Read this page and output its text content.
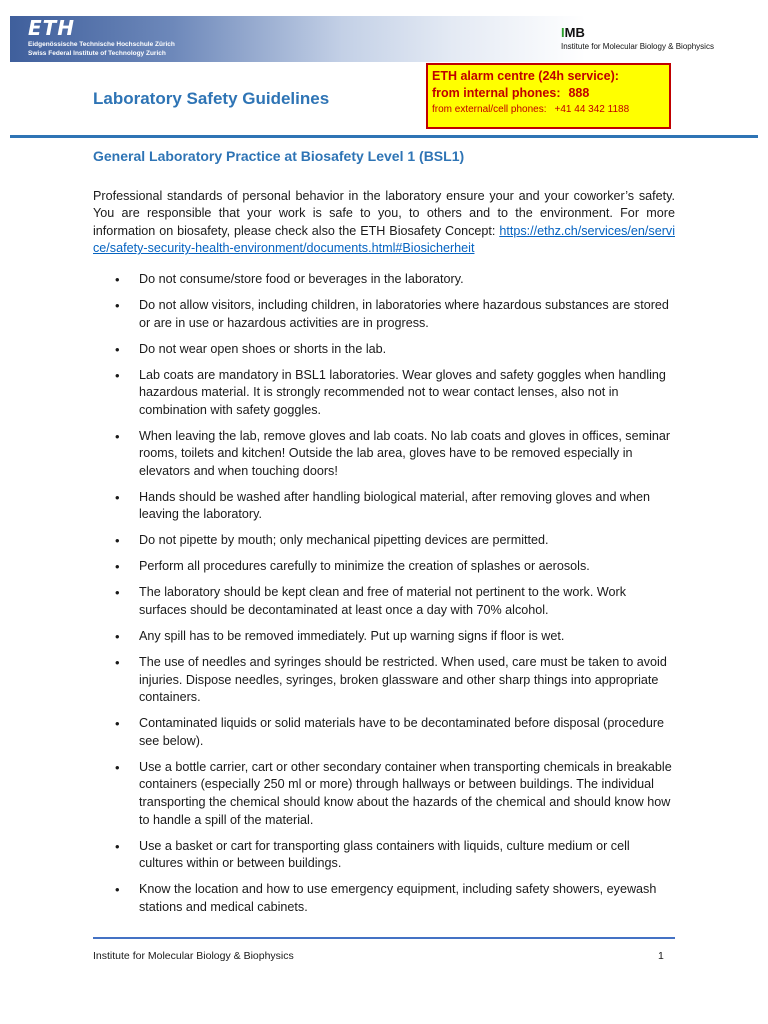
ETH
Eidgenössische Technische Hochschule Zürich
Swiss Federal Institute of Technology Zurich
IMB
Institute for Molecular Biology & Biophysics
ETH alarm centre (24h service):
from internal phones: 888
from external/cell phones: +41 44 342 1188
Laboratory Safety Guidelines
General Laboratory Practice at Biosafety Level 1 (BSL1)

Professional standards of personal behavior in the laboratory ensure your and your coworker’s safety. You are responsible that your work is safe to you, to others and to the environment. For more information on biosafety, please check also the ETH Biosafety Concept: https://ethz.ch/services/en/service/safety-security-health-environment/documents.html#Biosicherheit

• Do not consume/store food or beverages in the laboratory.
• Do not allow visitors, including children, in laboratories where hazardous substances are stored or are in use or hazardous activities are in progress.
• Do not wear open shoes or shorts in the lab.
• Lab coats are mandatory in BSL1 laboratories. Wear gloves and safety goggles when handling hazardous material. It is strongly recommended not to wear contact lenses, also not in combination with safety goggles.
• When leaving the lab, remove gloves and lab coats. No lab coats and gloves in offices, seminar rooms, toilets and kitchen! Outside the lab area, gloves have to be removed especially in elevators and when touching doors!
• Hands should be washed after handling biological material, after removing gloves and when leaving the laboratory.
• Do not pipette by mouth; only mechanical pipetting devices are permitted.
• Perform all procedures carefully to minimize the creation of splashes or aerosols.
• The laboratory should be kept clean and free of material not pertinent to the work. Work surfaces should be decontaminated at least once a day with 70% alcohol.
• Any spill has to be removed immediately. Put up warning signs if floor is wet.
• The use of needles and syringes should be restricted. When used, care must be taken to avoid injuries. Dispose needles, syringes, broken glassware and other sharp things into appropriate containers.
• Contaminated liquids or solid materials have to be decontaminated before disposal (procedure see below).
• Use a bottle carrier, cart or other secondary container when transporting chemicals in breakable containers (especially 250 ml or more) through hallways or between buildings. The individual transporting the chemical should know about the hazards of the chemical and should know how to handle a spill of the material.
• Use a basket or cart for transporting glass containers with liquids, culture medium or cell cultures within or between buildings.
• Know the location and how to use emergency equipment, including safety showers, eyewash stations and medical cabinets.
Institute for Molecular Biology & Biophysics	1
